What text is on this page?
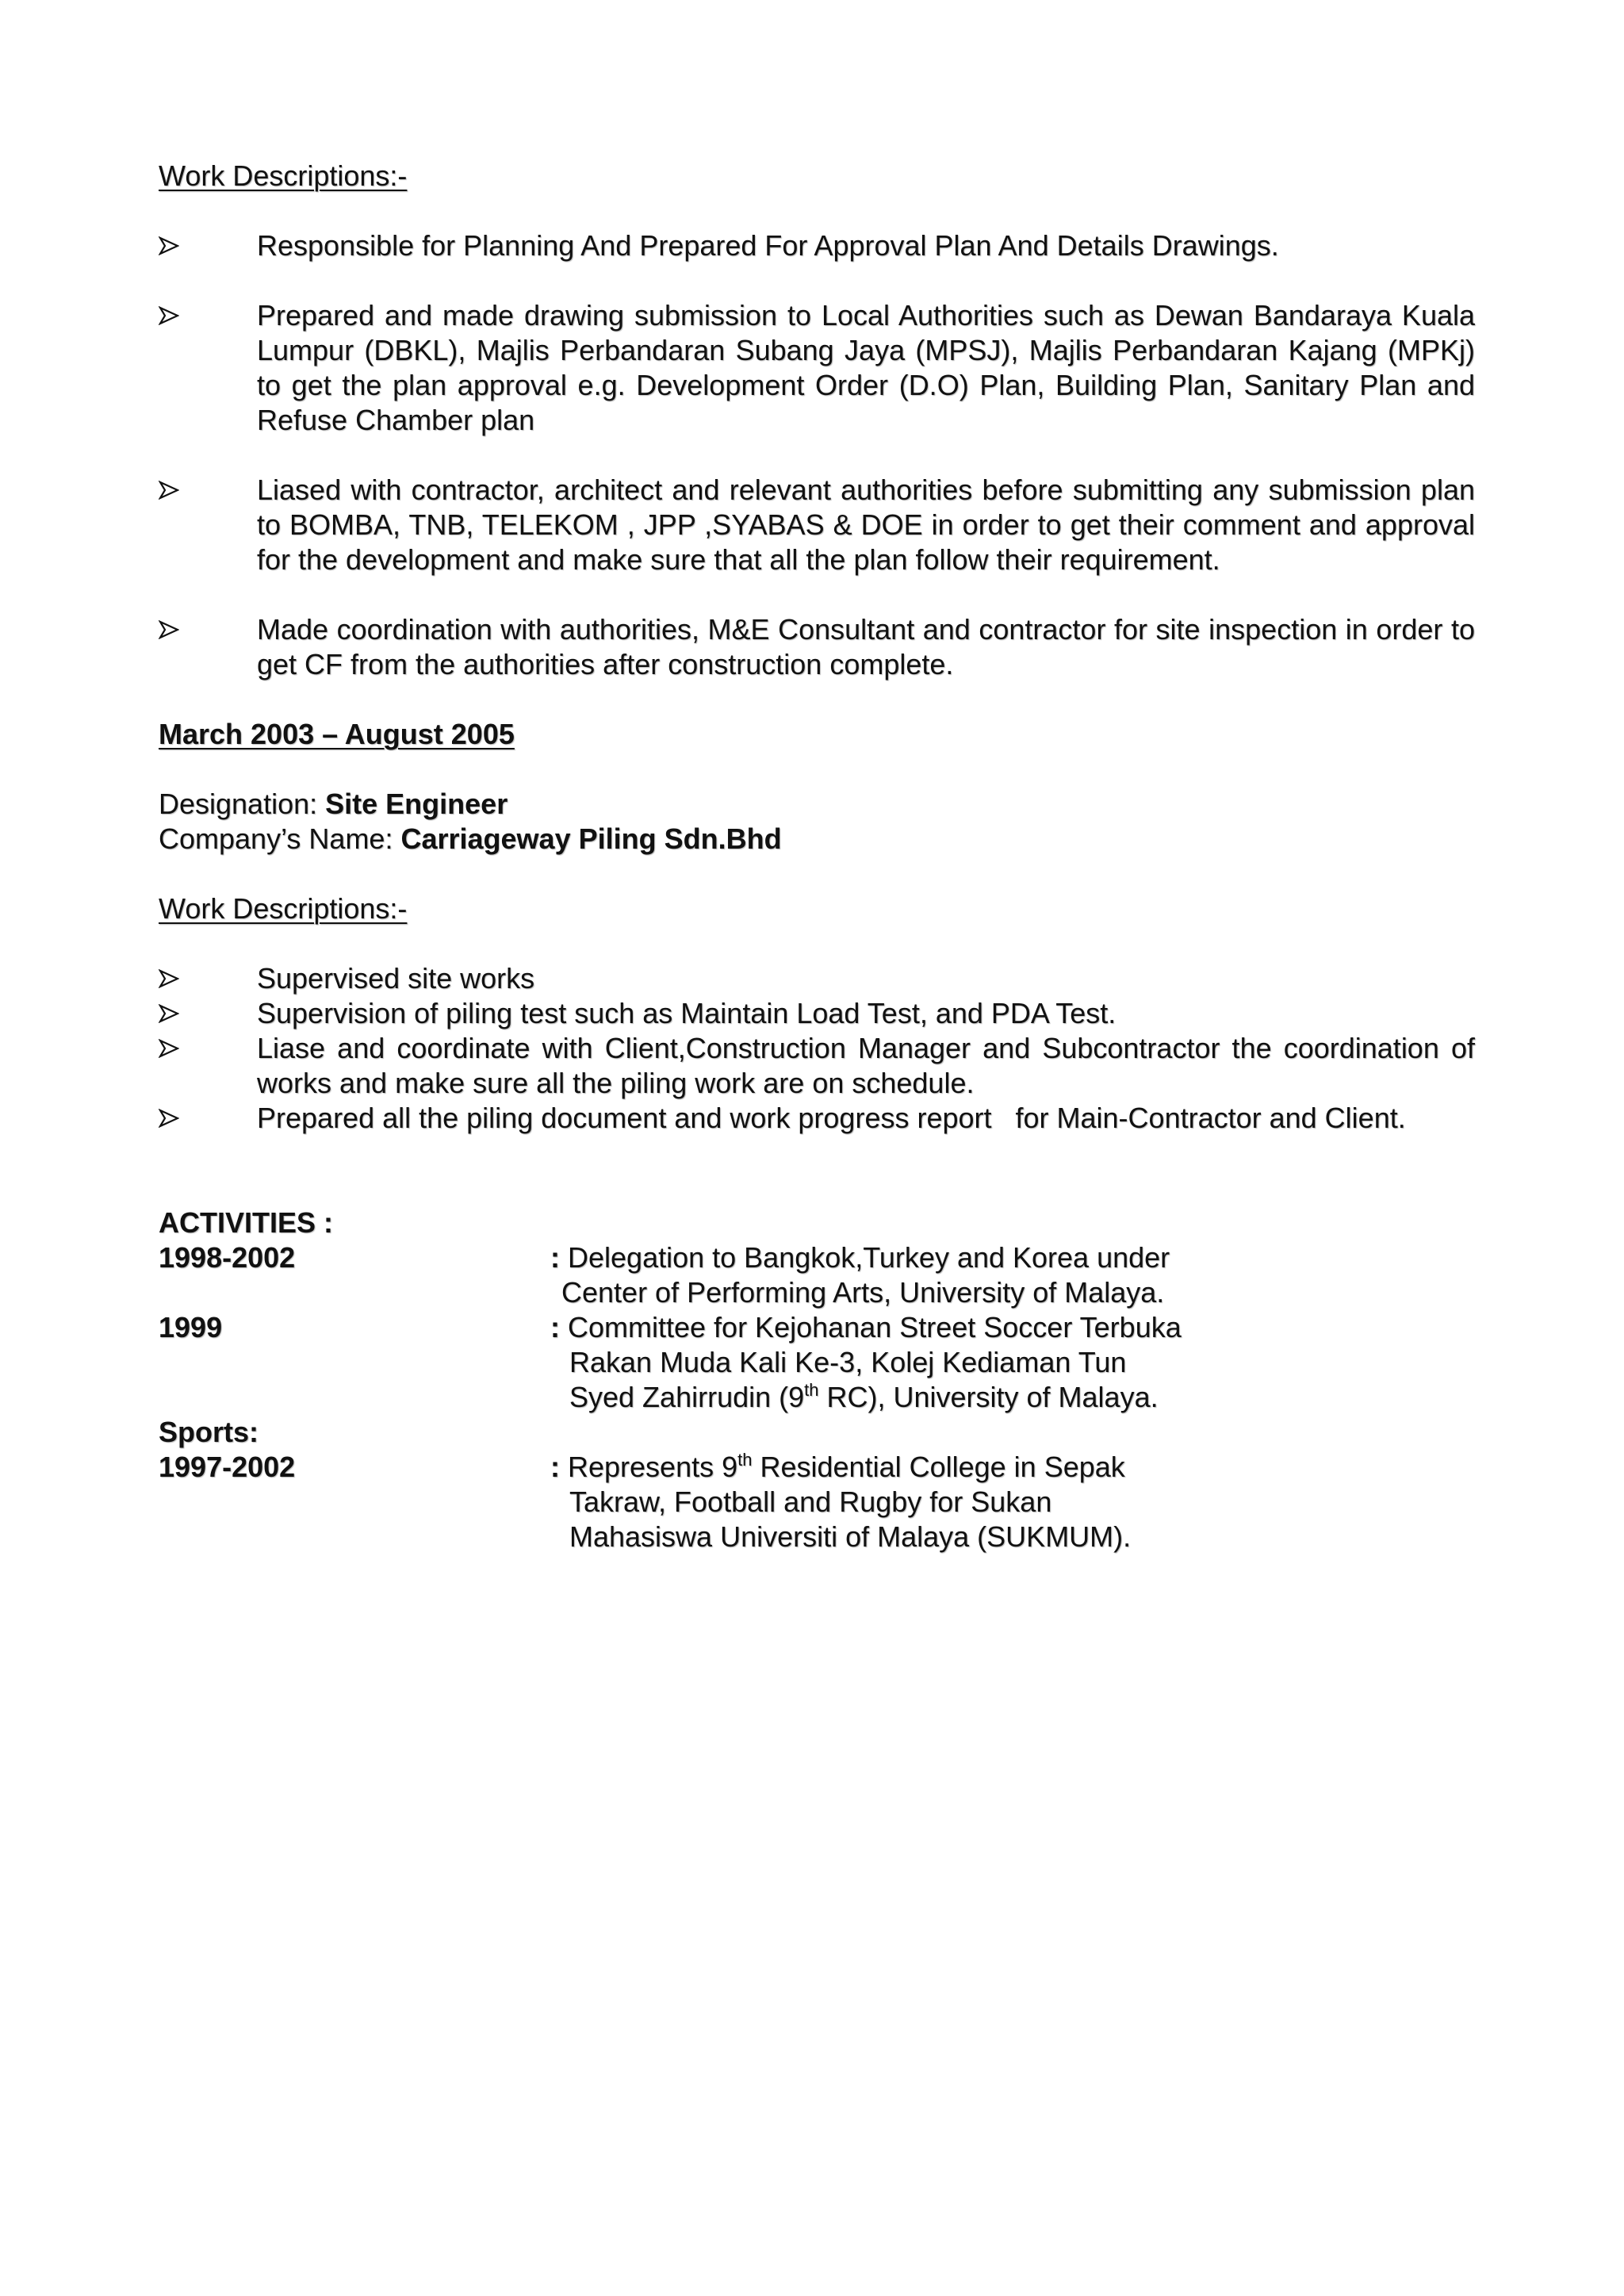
Work Descriptions:-
Responsible for Planning And Prepared For Approval Plan And Details Drawings.
Prepared and made drawing submission to Local Authorities such as Dewan Bandaraya Kuala Lumpur (DBKL), Majlis Perbandaran Subang Jaya (MPSJ), Majlis Perbandaran Kajang (MPKj) to get the plan approval e.g. Development Order (D.O) Plan, Building Plan, Sanitary Plan and Refuse Chamber plan
Liased with contractor, architect and relevant authorities before submitting any submission plan to BOMBA, TNB, TELEKOM , JPP ,SYABAS & DOE in order to get their comment and approval for the development and make sure that all the plan follow their requirement.
Made coordination with authorities, M&E Consultant and contractor for site inspection in order to get CF from the authorities after construction complete.
March 2003 – August 2005
Designation: Site Engineer
Company’s Name: Carriageway Piling Sdn.Bhd
Work Descriptions:-
Supervised site works
Supervision of piling test such as Maintain Load Test, and PDA Test.
Liase and coordinate with Client,Construction Manager and Subcontractor the coordination of works and make sure all the piling work are on schedule.
Prepared all the piling document and work progress report   for Main-Contractor and Client.
ACTIVITIES :
1998-2002	: Delegation to Bangkok,Turkey and Korea under
Center of Performing Arts, University of Malaya.
1999	: Committee for Kejohanan Street Soccer Terbuka
Rakan Muda Kali Ke-3, Kolej Kediaman Tun
Syed Zahirrudin (9th RC), University of Malaya.
Sports:
1997-2002	: Represents 9th Residential College in Sepak
Takraw, Football and Rugby for Sukan
Mahasiswa Universiti of Malaya (SUKMUM).
